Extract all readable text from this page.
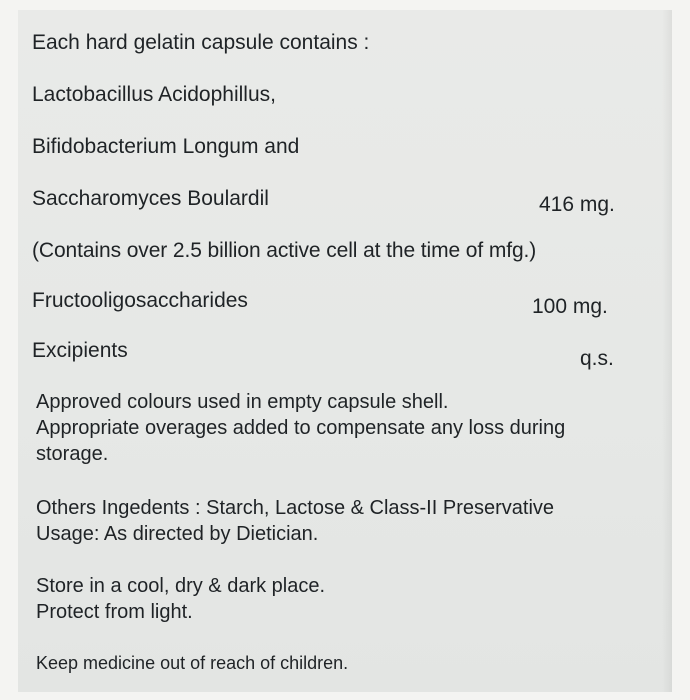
Each hard gelatin capsule contains :
Lactobacillus Acidophillus,
Bifidobacterium Longum and
Saccharomyces Boulardil	416 mg.
(Contains over 2.5 billion active cell at the time of mfg.)
Fructooligosaccharides	100 mg.
Excipients	q.s.
Approved colours used in empty capsule shell.
Appropriate overages added to compensate any loss during
storage.
Others Ingedents : Starch, Lactose & Class-II Preservative
Usage: As directed by Dietician.
Store in a cool, dry & dark place.
Protect from light.
Keep medicine out of reach of children.
